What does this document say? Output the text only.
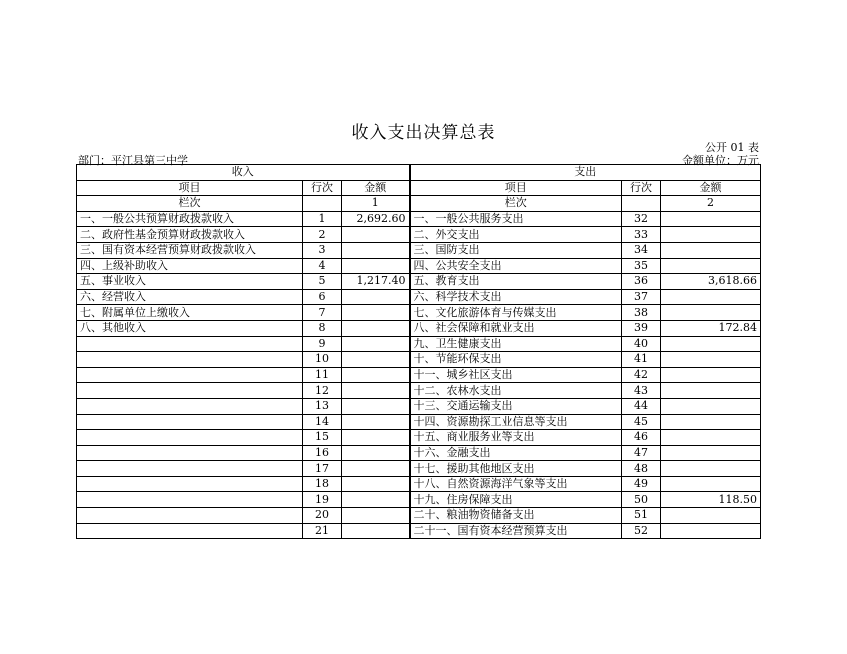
收入支出决算总表
公开 01 表
部门：平江县第三中学	金额单位：万元
收入			支出		
项目	行次	金额	项目	行次	金额
栏次		1	栏次		2
一、一般公共预算财政拨款收入	1	2,692.60	一、一般公共服务支出	32	
二、政府性基金预算财政拨款收入	2		二、外交支出	33	
三、国有资本经营预算财政拨款收入	3		三、国防支出	34	
四、上级补助收入	4		四、公共安全支出	35	
五、事业收入	5	1,217.40	五、教育支出	36	3,618.66
六、经营收入	6		六、科学技术支出	37	
七、附属单位上缴收入	7		七、文化旅游体育与传媒支出	38	
八、其他收入	8		八、社会保障和就业支出	39	172.84
	9		九、卫生健康支出	40	
	10		十、节能环保支出	41	
	11		十一、城乡社区支出	42	
	12		十二、农林水支出	43	
	13		十三、交通运输支出	44	
	14		十四、资源勘探工业信息等支出	45	
	15		十五、商业服务业等支出	46	
	16		十六、金融支出	47	
	17		十七、援助其他地区支出	48	
	18		十八、自然资源海洋气象等支出	49	
	19		十九、住房保障支出	50	118.50
	20		二十、粮油物资储备支出	51	
	21		二十一、国有资本经营预算支出	52	
